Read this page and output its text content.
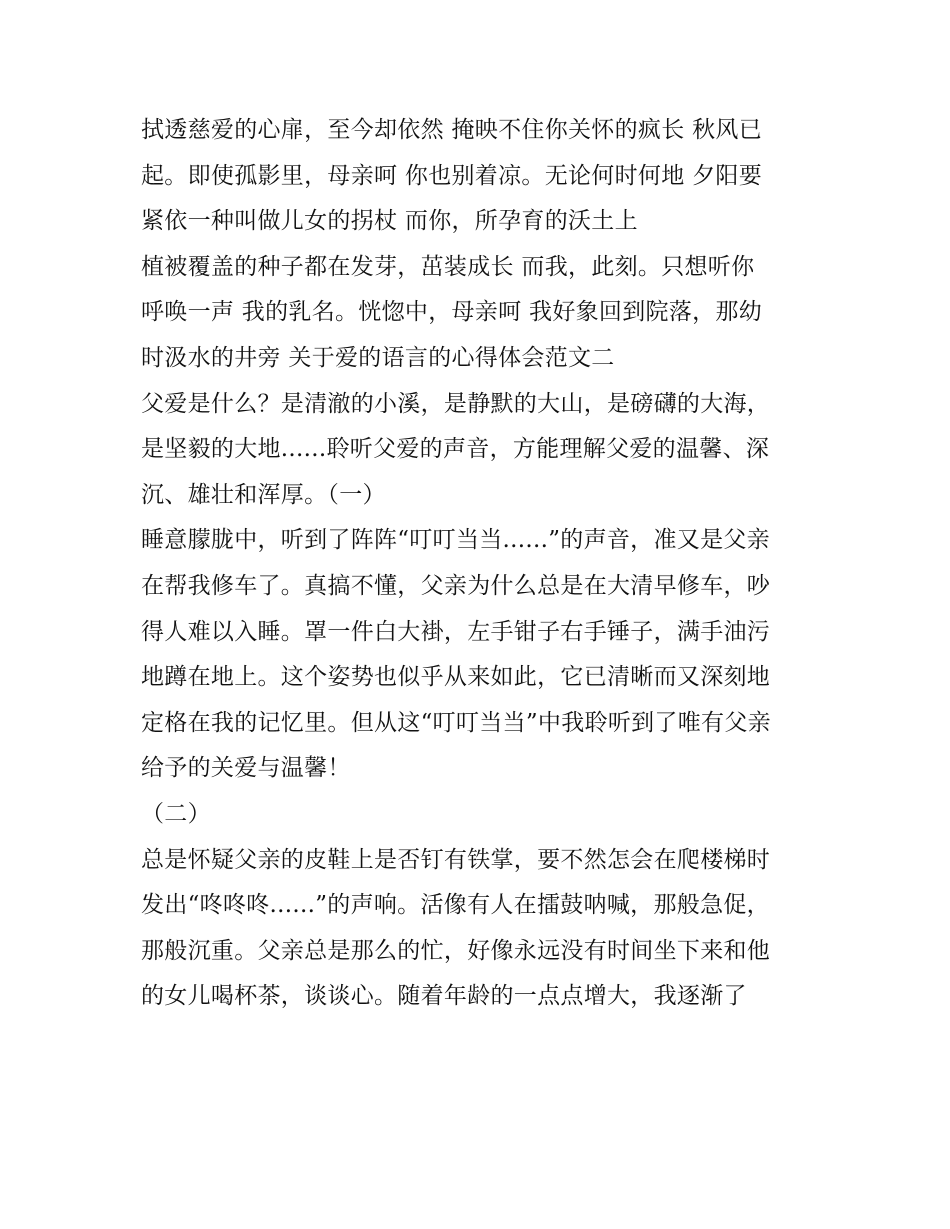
拭透慈爱的心扉，至今却依然 掩映不住你关怀的疯长 秋风已
起。即使孤影里，母亲呵 你也别着凉。无论何时何地 夕阳要
紧依一种叫做儿女的拐杖 而你，所孕育的沃土上
植被覆盖的种子都在发芽，茁装成长 而我，此刻。只想听你
呼唤一声 我的乳名。恍惚中，母亲呵 我好象回到院落，那幼
时汲水的井旁 关于爱的语言的心得体会范文二
父爱是什么？是清澈的小溪，是静默的大山，是磅礴的大海，
是坚毅的大地......聆听父爱的声音，方能理解父爱的温馨、深
沉、雄壮和浑厚。（一）
睡意朦胧中，听到了阵阵“叮叮当当......”的声音，准又是父亲
在帮我修车了。真搞不懂，父亲为什么总是在大清早修车，吵
得人难以入睡。罩一件白大褂，左手钳子右手锤子，满手油污
地蹲在地上。这个姿势也似乎从来如此，它已清晰而又深刻地
定格在我的记忆里。但从这“叮叮当当”中我聆听到了唯有父亲
给予的关爱与温馨！
（二）
总是怀疑父亲的皮鞋上是否钉有铁掌，要不然怎会在爬楼梯时
发出“咚咚咚......”的声响。活像有人在擂鼓呐喊，那般急促，
那般沉重。父亲总是那么的忙，好像永远没有时间坐下来和他
的女儿喝杯茶，谈谈心。随着年龄的一点点增大，我逐渐了
